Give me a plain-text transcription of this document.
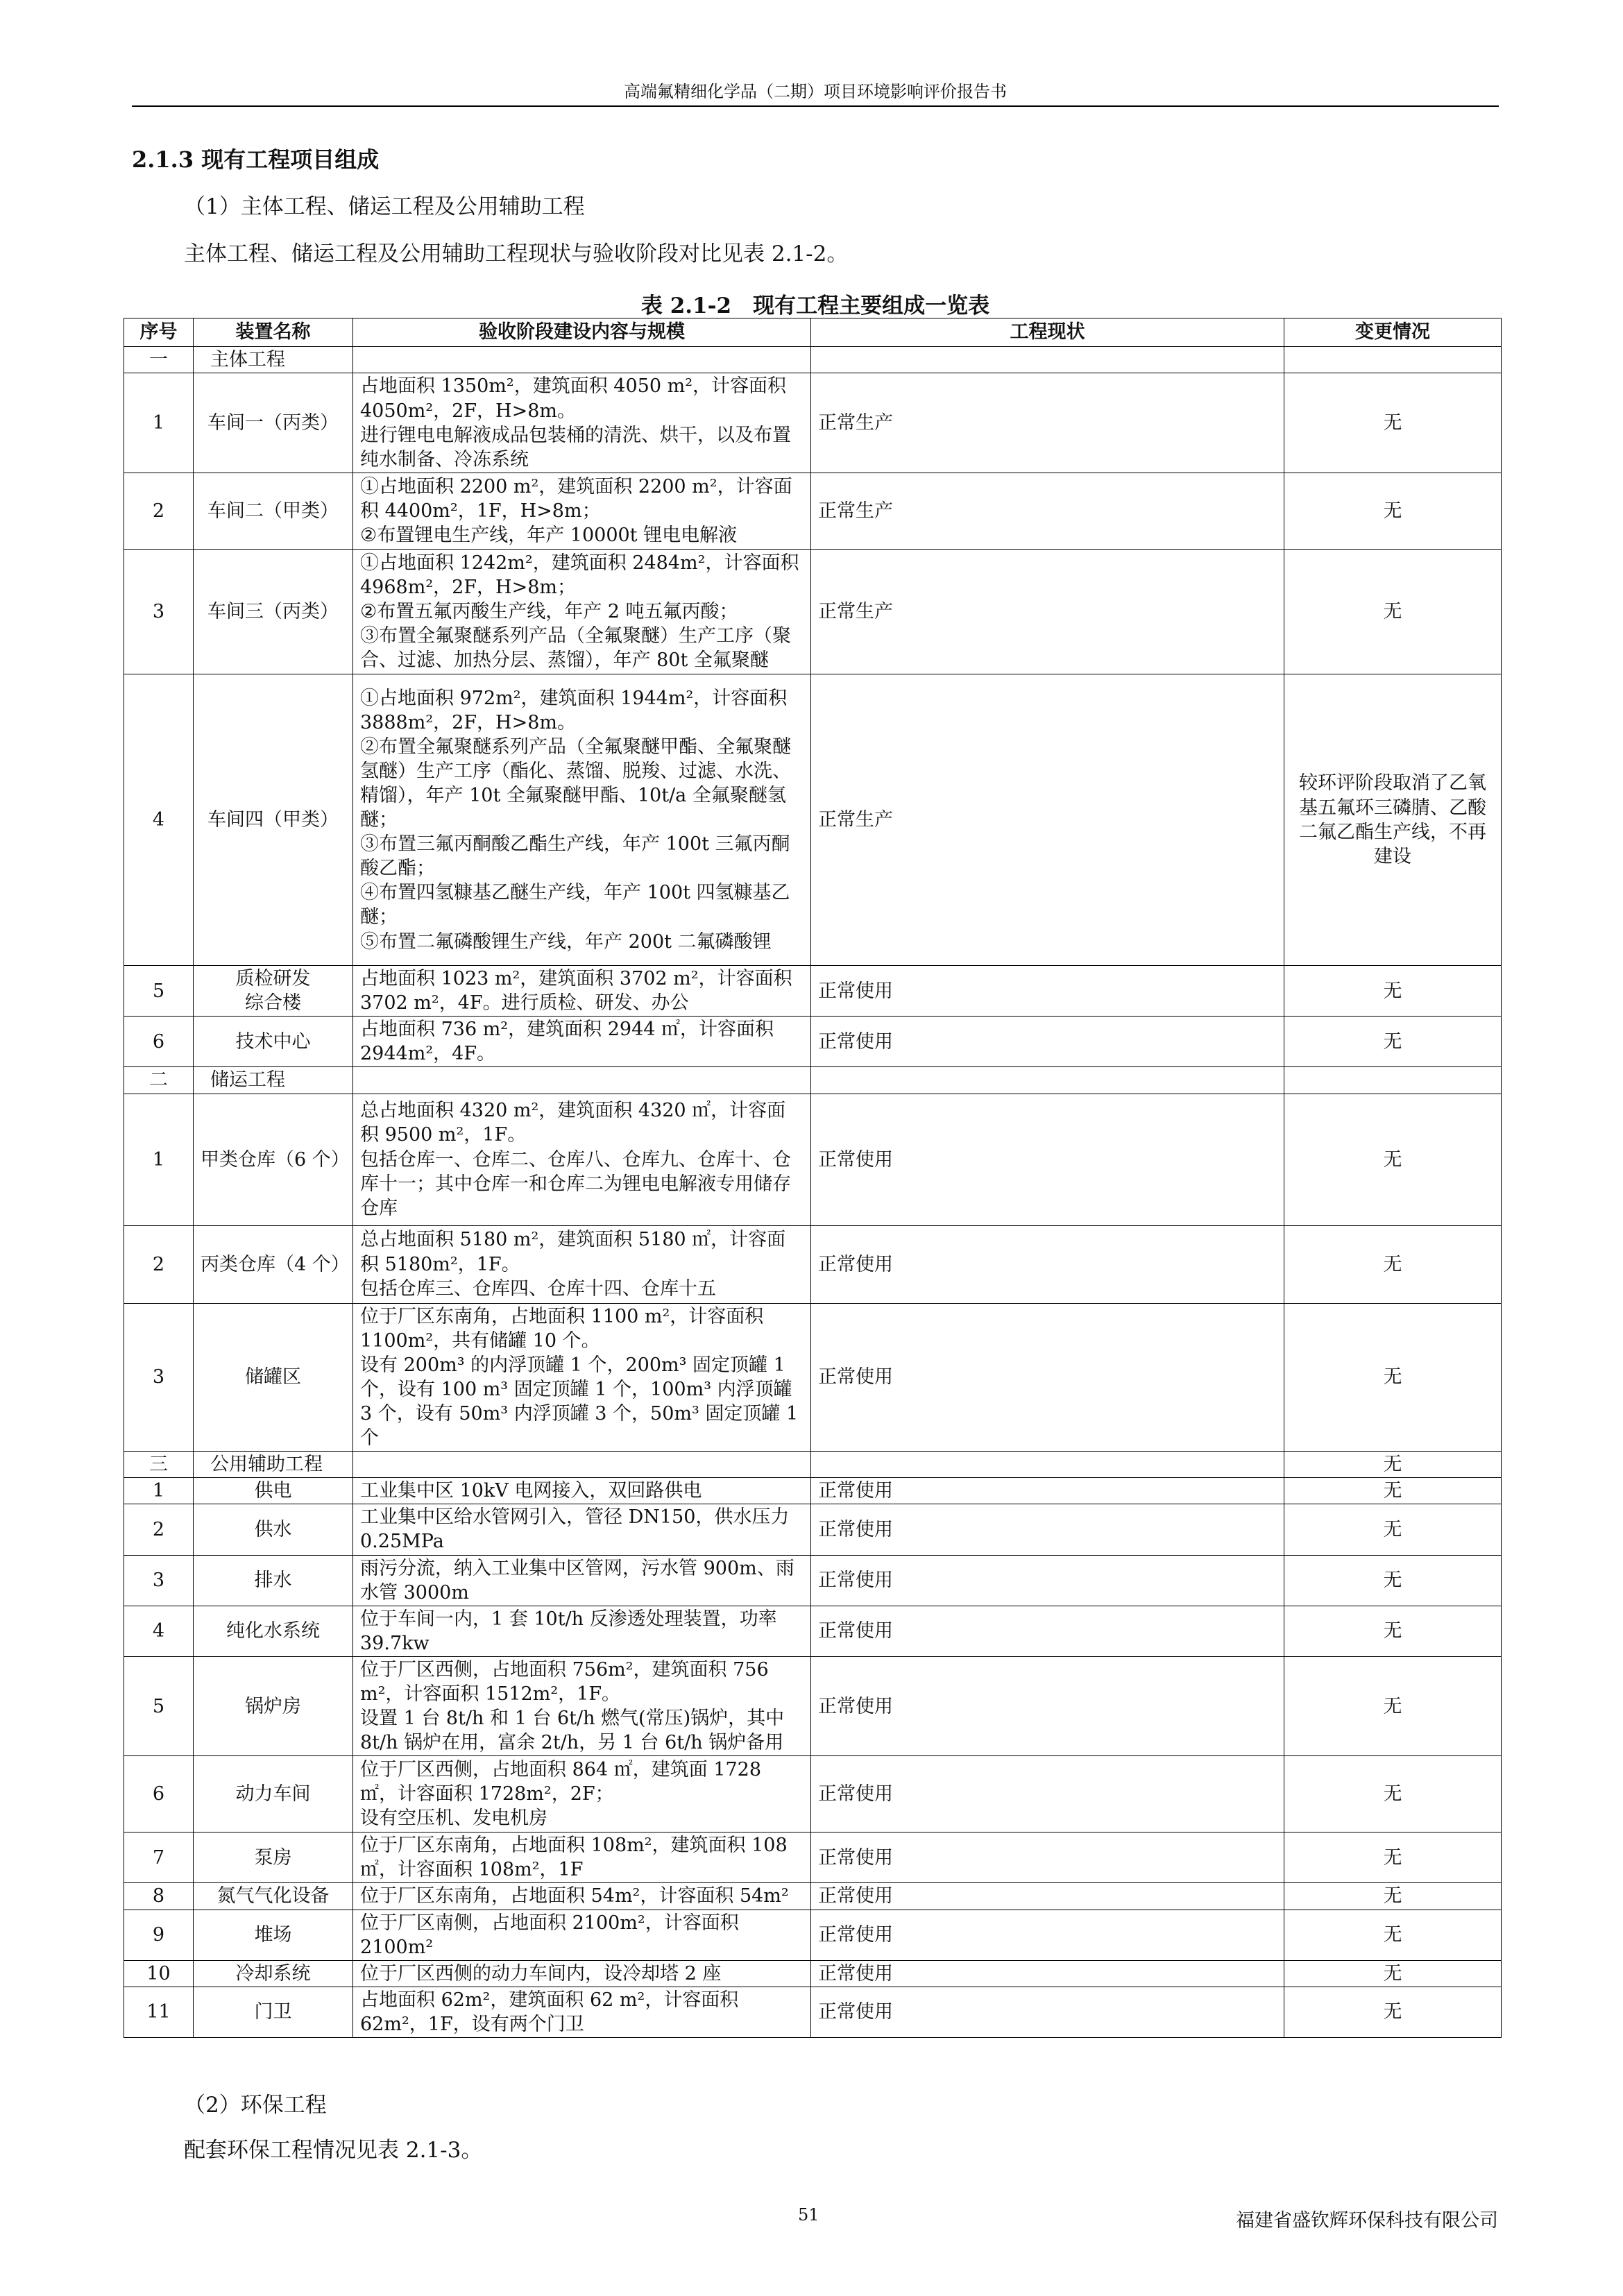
高端氟精细化学品（二期）项目环境影响评价报告书
2.1.3 现有工程项目组成
（1）主体工程、储运工程及公用辅助工程
主体工程、储运工程及公用辅助工程现状与验收阶段对比见表 2.1-2。
表 2.1-2　现有工程主要组成一览表
序号	装置名称	验收阶段建设内容与规模	工程现状	变更情况
一	主体工程			
1	车间一（丙类）	占地面积 1350m²，建筑面积 4050 m²，计容面积 4050m²，2F，H>8m。
进行锂电电解液成品包装桶的清洗、烘干，以及布置纯水制备、冷冻系统	正常生产	无
2	车间二（甲类）	①占地面积 2200 m²，建筑面积 2200 m²，计容面积 4400m²，1F，H>8m；
②布置锂电生产线，年产 10000t 锂电电解液	正常生产	无
3	车间三（丙类）	①占地面积 1242m²，建筑面积 2484m²，计容面积 4968m²，2F，H>8m；
②布置五氟丙酸生产线，年产 2 吨五氟丙酸；
③布置全氟聚醚系列产品（全氟聚醚）生产工序（聚合、过滤、加热分层、蒸馏），年产 80t 全氟聚醚	正常生产	无
4	车间四（甲类）	①占地面积 972m²，建筑面积 1944m²，计容面积 3888m²，2F，H>8m。
②布置全氟聚醚系列产品（全氟聚醚甲酯、全氟聚醚氢醚）生产工序（酯化、蒸馏、脱羧、过滤、水洗、精馏），年产 10t 全氟聚醚甲酯、10t/a 全氟聚醚氢醚；
③布置三氟丙酮酸乙酯生产线，年产 100t 三氟丙酮酸乙酯；
④布置四氢糠基乙醚生产线，年产 100t 四氢糠基乙醚；
⑤布置二氟磷酸锂生产线，年产 200t 二氟磷酸锂	正常生产	较环评阶段取消了乙氧基五氟环三磷腈、乙酸二氟乙酯生产线，不再建设
5	质检研发
综合楼	占地面积 1023 m²，建筑面积 3702 m²，计容面积 3702 m²，4F。进行质检、研发、办公	正常使用	无
6	技术中心	占地面积 736 m²，建筑面积 2944 ㎡，计容面积 2944m²，4F。	正常使用	无
二	储运工程			
1	甲类仓库（6 个）	总占地面积 4320 m²，建筑面积 4320 ㎡，计容面积 9500 m²，1F。
包括仓库一、仓库二、仓库八、仓库九、仓库十、仓库十一；其中仓库一和仓库二为锂电电解液专用储存仓库	正常使用	无
2	丙类仓库（4 个）	总占地面积 5180 m²，建筑面积 5180 ㎡，计容面积 5180m²，1F。
包括仓库三、仓库四、仓库十四、仓库十五	正常使用	无
3	储罐区	位于厂区东南角，占地面积 1100 m²，计容面积 1100m²，共有储罐 10 个。
设有 200m³ 的内浮顶罐 1 个，200m³ 固定顶罐 1 个，设有 100 m³ 固定顶罐 1 个，100m³ 内浮顶罐 3 个，设有 50m³ 内浮顶罐 3 个，50m³ 固定顶罐 1 个	正常使用	无
三	公用辅助工程			无
1	供电	工业集中区 10kV 电网接入，双回路供电	正常使用	无
2	供水	工业集中区给水管网引入，管径 DN150，供水压力 0.25MPa	正常使用	无
3	排水	雨污分流，纳入工业集中区管网，污水管 900m、雨水管 3000m	正常使用	无
4	纯化水系统	位于车间一内，1 套 10t/h 反渗透处理装置，功率 39.7kw	正常使用	无
5	锅炉房	位于厂区西侧，占地面积 756m²，建筑面积 756 m²，计容面积 1512m²，1F。
设置 1 台 8t/h 和 1 台 6t/h 燃气(常压)锅炉，其中 8t/h 锅炉在用，富余 2t/h，另 1 台 6t/h 锅炉备用	正常使用	无
6	动力车间	位于厂区西侧，占地面积 864 ㎡，建筑面 1728 ㎡，计容面积 1728m²，2F；
设有空压机、发电机房	正常使用	无
7	泵房	位于厂区东南角，占地面积 108m²，建筑面积 108 ㎡，计容面积 108m²，1F	正常使用	无
8	氮气气化设备	位于厂区东南角，占地面积 54m²，计容面积 54m²	正常使用	无
9	堆场	位于厂区南侧，占地面积 2100m²，计容面积 2100m²	正常使用	无
10	冷却系统	位于厂区西侧的动力车间内，设冷却塔 2 座	正常使用	无
11	门卫	占地面积 62m²，建筑面积 62 m²，计容面积 62m²，1F，设有两个门卫	正常使用	无
（2）环保工程
配套环保工程情况见表 2.1-3。
51	福建省盛钦辉环保科技有限公司
